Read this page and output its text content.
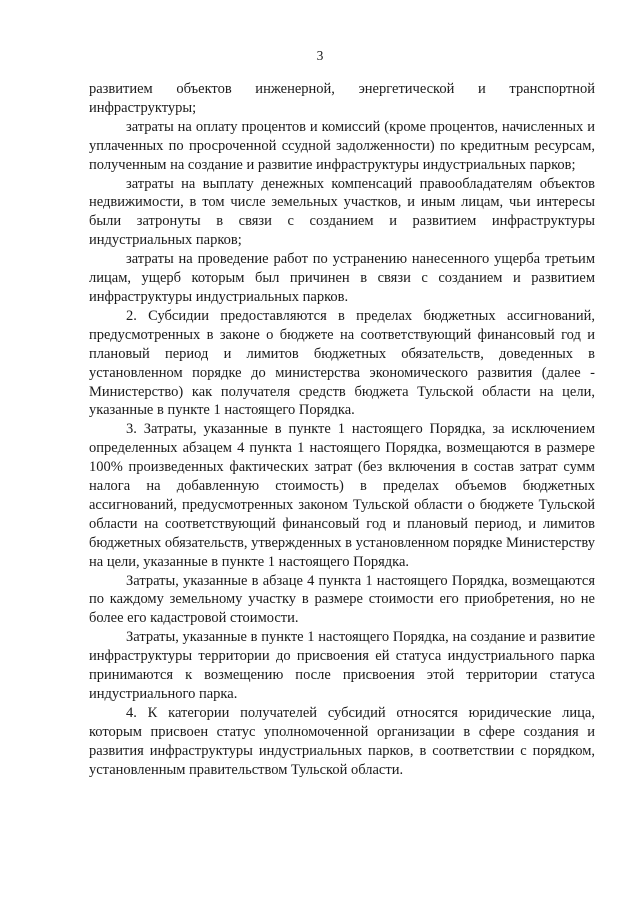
3

развитием объектов инженерной, энергетической и транспортной инфраструктуры;

затраты на оплату процентов и комиссий (кроме процентов, начисленных и уплаченных по просроченной ссудной задолженности) по кредитным ресурсам, полученным на создание и развитие инфраструктуры индустриальных парков;

затраты на выплату денежных компенсаций правообладателям объектов недвижимости, в том числе земельных участков, и иным лицам, чьи интересы были затронуты в связи с созданием и развитием инфраструктуры индустриальных парков;

затраты на проведение работ по устранению нанесенного ущерба третьим лицам, ущерб которым был причинен в связи с созданием и развитием инфраструктуры индустриальных парков.

2. Субсидии предоставляются в пределах бюджетных ассигнований, предусмотренных в законе о бюджете на соответствующий финансовый год и плановый период и лимитов бюджетных обязательств, доведенных в установленном порядке до министерства экономического развития (далее - Министерство) как получателя средств бюджета Тульской области на цели, указанные в пункте 1 настоящего Порядка.

3. Затраты, указанные в пункте 1 настоящего Порядка, за исключением определенных абзацем 4 пункта 1 настоящего Порядка, возмещаются в размере 100% произведенных фактических затрат (без включения в состав затрат сумм налога на добавленную стоимость) в пределах объемов бюджетных ассигнований, предусмотренных законом Тульской области о бюджете Тульской области на соответствующий финансовый год и плановый период, и лимитов бюджетных обязательств, утвержденных в установленном порядке Министерству на цели, указанные в пункте 1 настоящего Порядка.

Затраты, указанные в абзаце 4 пункта 1 настоящего Порядка, возмещаются по каждому земельному участку в размере стоимости его приобретения, но не более его кадастровой стоимости.

Затраты, указанные в пункте 1 настоящего Порядка, на создание и развитие инфраструктуры территории до присвоения ей статуса индустриального парка принимаются к возмещению после присвоения этой территории статуса индустриального парка.

4. К категории получателей субсидий относятся юридические лица, которым присвоен статус уполномоченной организации в сфере создания и развития инфраструктуры индустриальных парков, в соответствии с порядком, установленным правительством Тульской области.
